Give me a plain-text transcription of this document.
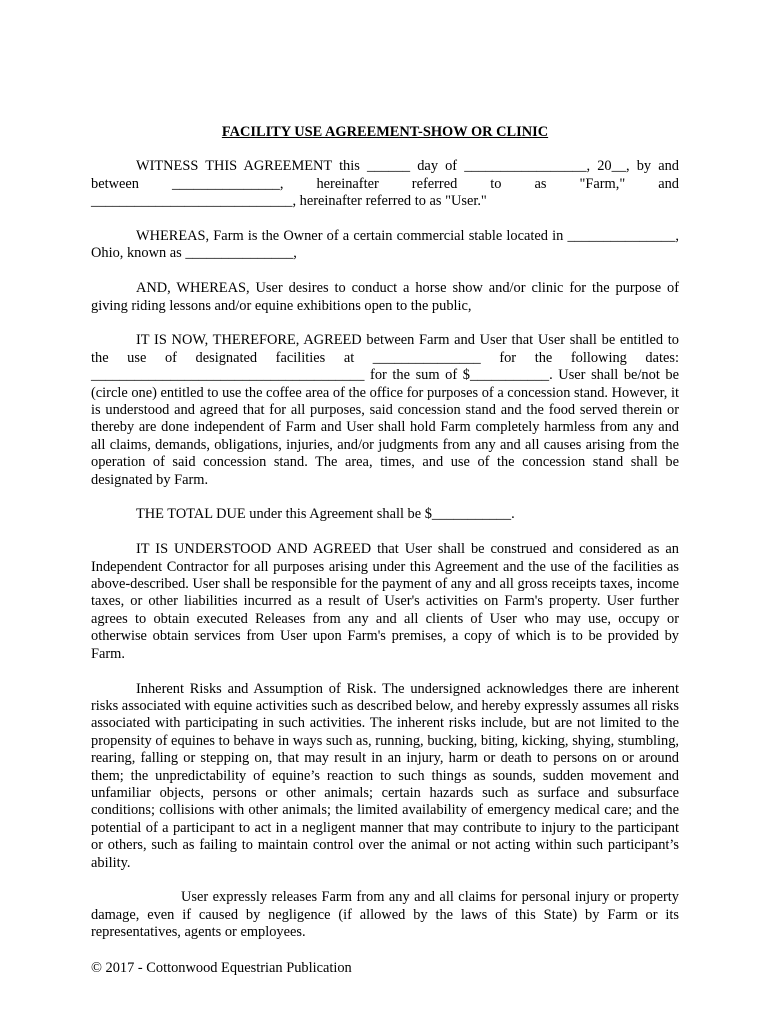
FACILITY USE AGREEMENT-SHOW OR CLINIC

WITNESS THIS AGREEMENT this ______ day of _________________, 20__, by and between _______________, hereinafter referred to as "Farm," and ____________________________, hereinafter referred to as "User."

WHEREAS, Farm is the Owner of a certain commercial stable located in _______________, Ohio, known as _______________,

AND, WHEREAS, User desires to conduct a horse show and/or clinic for the purpose of giving riding lessons and/or equine exhibitions open to the public,

IT IS NOW, THEREFORE, AGREED between Farm and User that User shall be entitled to the use of designated facilities at _______________ for the following dates: ______________________________________ for the sum of $___________. User shall be/not be (circle one) entitled to use the coffee area of the office for purposes of a concession stand. However, it is understood and agreed that for all purposes, said concession stand and the food served therein or thereby are done independent of Farm and User shall hold Farm completely harmless from any and all claims, demands, obligations, injuries, and/or judgments from any and all causes arising from the operation of said concession stand. The area, times, and use of the concession stand shall be designated by Farm.

THE TOTAL DUE under this Agreement shall be $___________.

IT IS UNDERSTOOD AND AGREED that User shall be construed and considered as an Independent Contractor for all purposes arising under this Agreement and the use of the facilities as above-described. User shall be responsible for the payment of any and all gross receipts taxes, income taxes, or other liabilities incurred as a result of User's activities on Farm's property. User further agrees to obtain executed Releases from any and all clients of User who may use, occupy or otherwise obtain services from User upon Farm's premises, a copy of which is to be provided by Farm.

Inherent Risks and Assumption of Risk. The undersigned acknowledges there are inherent risks associated with equine activities such as described below, and hereby expressly assumes all risks associated with participating in such activities. The inherent risks include, but are not limited to the propensity of equines to behave in ways such as, running, bucking, biting, kicking, shying, stumbling, rearing, falling or stepping on, that may result in an injury, harm or death to persons on or around them; the unpredictability of equine’s reaction to such things as sounds, sudden movement and unfamiliar objects, persons or other animals; certain hazards such as surface and subsurface conditions; collisions with other animals; the limited availability of emergency medical care; and the potential of a participant to act in a negligent manner that may contribute to injury to the participant or others, such as failing to maintain control over the animal or not acting within such participant’s ability.

User expressly releases Farm from any and all claims for personal injury or property damage, even if caused by negligence (if allowed by the laws of this State) by Farm or its representatives, agents or employees.

© 2017 - Cottonwood Equestrian Publication
